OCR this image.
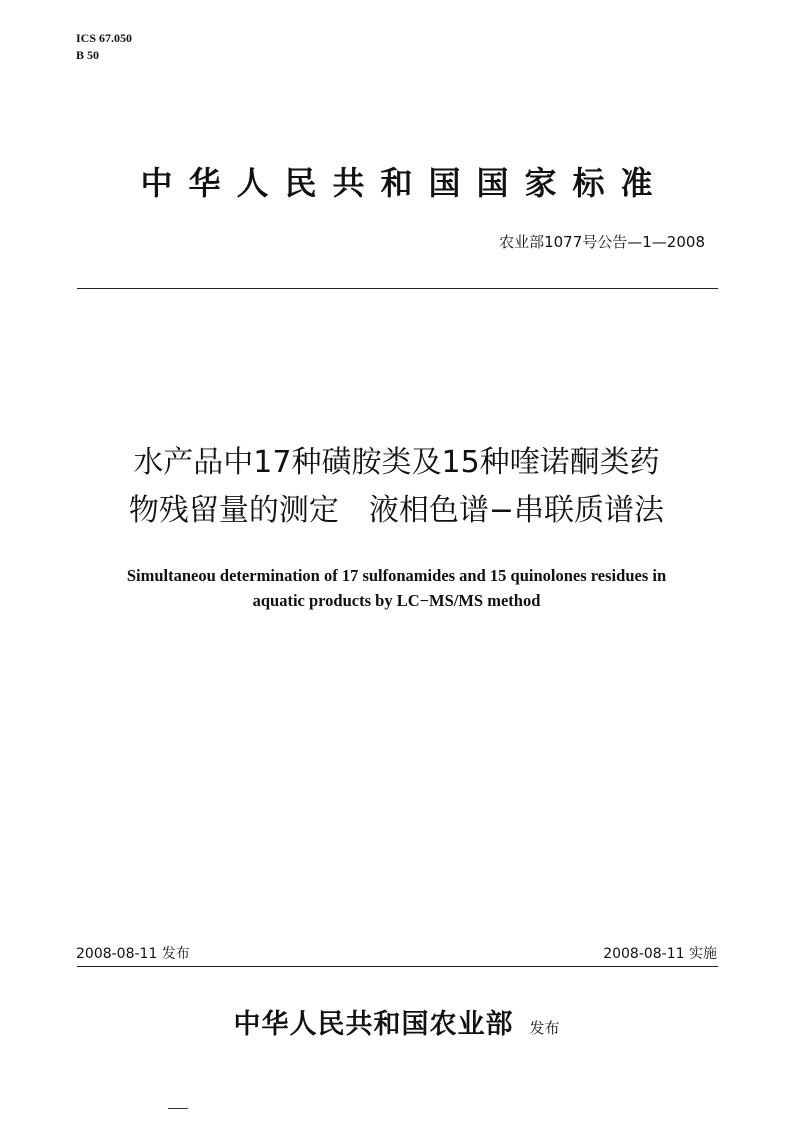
ICS 67.050
B 50
中华人民共和国国家标准
农业部1077号公告—1—2008
水产品中17种磺胺类及15种喹诺酮类药
物残留量的测定　液相色谱−串联质谱法
Simultaneou determination of 17 sulfonamides and 15 quinolones residues in
aquatic products by LC−MS/MS method
2008-08-11 发布	2008-08-11 实施
中华人民共和国农业部 发布
